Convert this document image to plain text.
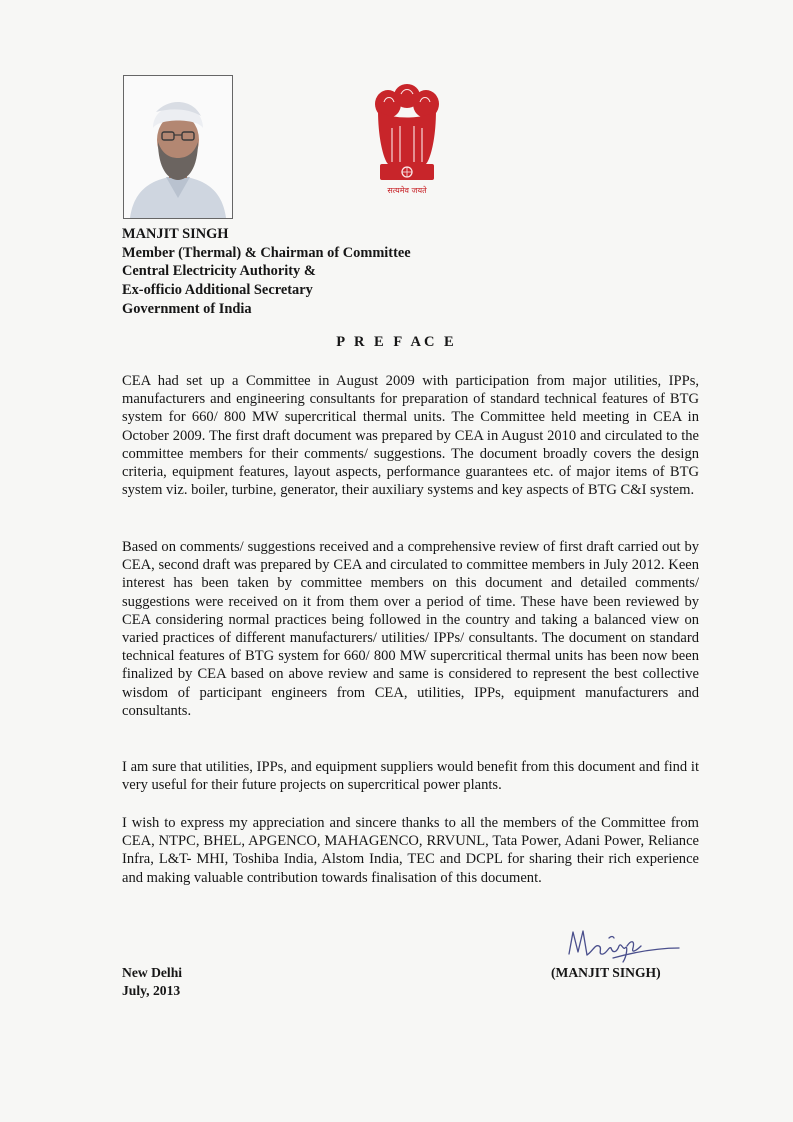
सत्यमेव जयते
MANJIT SINGH
Member (Thermal) & Chairman of Committee
Central Electricity Authority &
Ex-officio Additional Secretary
Government of India
P R E F AC E

CEA had set up a Committee in August 2009 with participation from major utilities, IPPs, manufacturers and engineering consultants for preparation of standard technical features of BTG system for 660/ 800 MW supercritical thermal units. The Committee held meeting in CEA in October 2009. The first draft document was prepared by CEA in August 2010 and circulated to the committee members for their comments/ suggestions. The document broadly covers the design criteria, equipment features, layout aspects, performance guarantees etc. of major items of BTG system viz. boiler, turbine, generator, their auxiliary systems and key aspects of BTG C&I system.

Based on comments/ suggestions received and a comprehensive review of first draft carried out by CEA, second draft was prepared by CEA and circulated to committee members in July 2012. Keen interest has been taken by committee members on this document and detailed comments/ suggestions were received on it from them over a period of time. These have been reviewed by CEA considering normal practices being followed in the country and taking a balanced view on varied practices of different manufacturers/ utilities/ IPPs/ consultants. The document on standard technical features of BTG system for 660/ 800 MW supercritical thermal units has been now been finalized by CEA based on above review and same is considered to represent the best collective wisdom of participant engineers from CEA, utilities, IPPs, equipment manufacturers and consultants.

I am sure that utilities, IPPs, and equipment suppliers would benefit from this document and find it very useful for their future projects on supercritical power plants.

I wish to express my appreciation and sincere thanks to all the members of the Committee from CEA, NTPC, BHEL, APGENCO, MAHAGENCO, RRVUNL, Tata Power, Adani Power, Reliance Infra, L&T- MHI, Toshiba India, Alstom India, TEC and DCPL for sharing their rich experience and making valuable contribution towards finalisation of this document.

New Delhi
July, 2013
(MANJIT SINGH)
